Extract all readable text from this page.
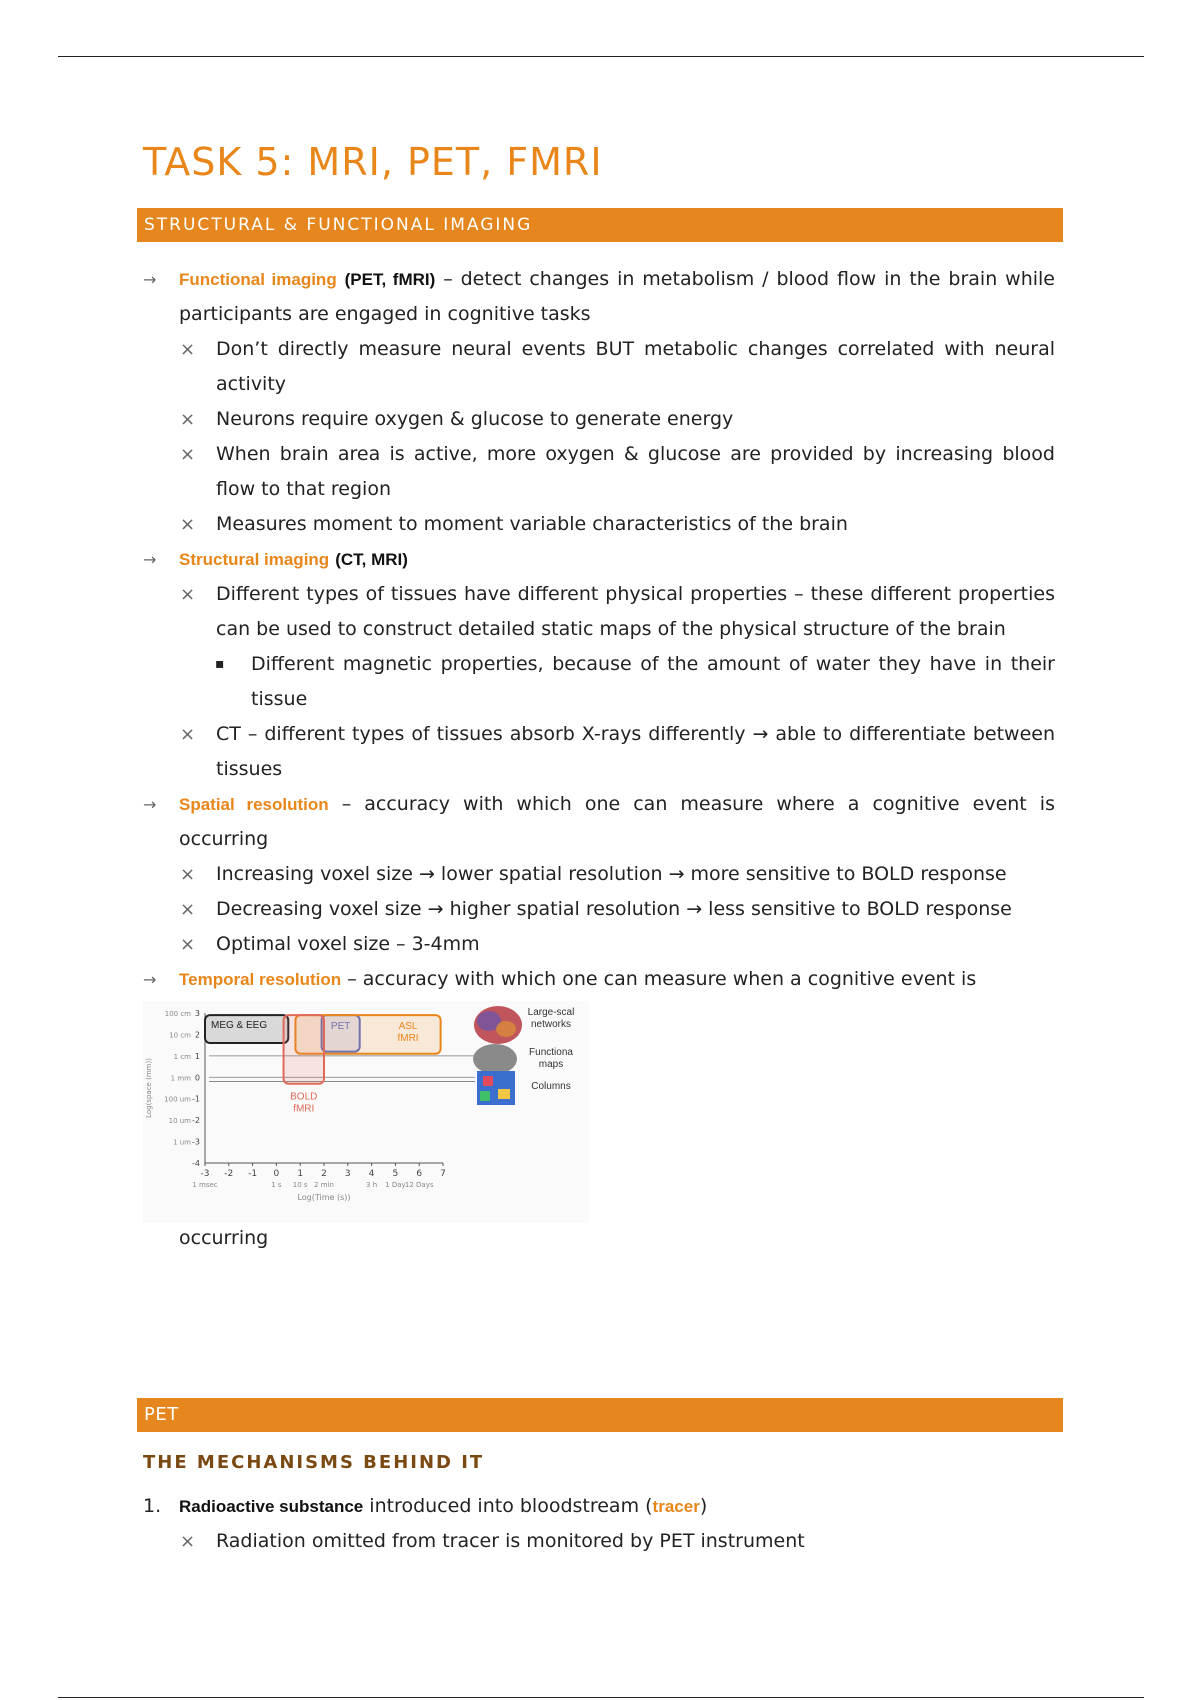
TASK 5: MRI, PET, FMRI
STRUCTURAL & FUNCTIONAL IMAGING
→ Functional imaging (PET, fMRI) – detect changes in metabolism / blood flow in the brain while participants are engaged in cognitive tasks
× Don’t directly measure neural events BUT metabolic changes correlated with neural activity
× Neurons require oxygen & glucose to generate energy
× When brain area is active, more oxygen & glucose are provided by increasing blood flow to that region
× Measures moment to moment variable characteristics of the brain
→ Structural imaging (CT, MRI)
× Different types of tissues have different physical properties – these different properties can be used to construct detailed static maps of the physical structure of the brain
▪ Different magnetic properties, because of the amount of water they have in their tissue
× CT – different types of tissues absorb X-rays differently → able to differentiate between tissues
→ Spatial resolution – accuracy with which one can measure where a cognitive event is occurring
× Increasing voxel size → lower spatial resolution → more sensitive to BOLD response
× Decreasing voxel size → higher spatial resolution → less sensitive to BOLD response
× Optimal voxel size – 3-4mm
→ Temporal resolution – accuracy with which one can measure when a cognitive event is
3
100 cm
2
10 cm
1
1 cm
0
1 mm
-1
100 um
-2
10 um
-3
1 um
-4
-3 -2 -1 0 1 2 3 4 5 6 7
1 msec	1 s 10 s 2 min	3 h 1 Day 12 Days
Log(Time (s))
Log(space (mm))
MEG & EEG	PET	ASL
fMRI
BOLD
fMRI
Large-scal
networks
Functiona
maps
Columns
occurring
PET
THE MECHANISMS BEHIND IT
1. Radioactive substance introduced into bloodstream (tracer)
× Radiation omitted from tracer is monitored by PET instrument
